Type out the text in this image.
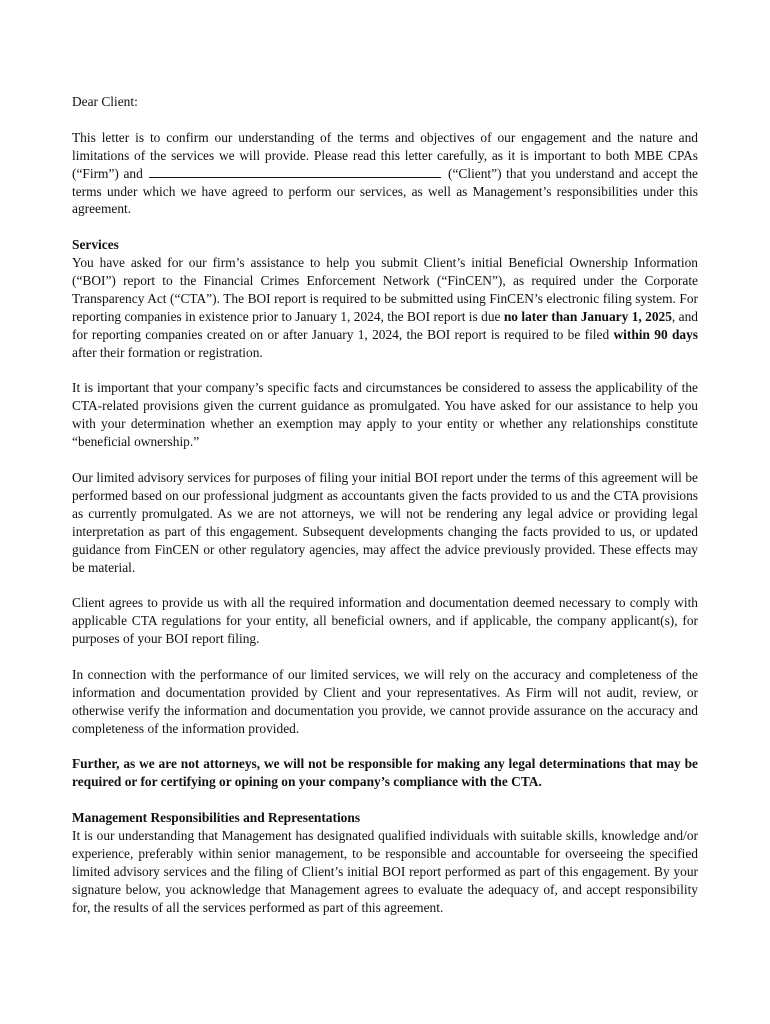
Dear Client:

This letter is to confirm our understanding of the terms and objectives of our engagement and the nature and limitations of the services we will provide. Please read this letter carefully, as it is important to both MBE CPAs (“Firm”) and	(“Client”) that you understand and accept the terms under which we have agreed to perform our services, as well as Management’s responsibilities under this agreement.

Services
You have asked for our firm’s assistance to help you submit Client’s initial Beneficial Ownership Information (“BOI”) report to the Financial Crimes Enforcement Network (“FinCEN”), as required under the Corporate Transparency Act (“CTA”). The BOI report is required to be submitted using FinCEN’s electronic filing system. For reporting companies in existence prior to January 1, 2024, the BOI report is due no later than January 1, 2025, and for reporting companies created on or after January 1, 2024, the BOI report is required to be filed within 90 days after their formation or registration.

It is important that your company’s specific facts and circumstances be considered to assess the applicability of the CTA-related provisions given the current guidance as promulgated. You have asked for our assistance to help you with your determination whether an exemption may apply to your entity or whether any relationships constitute “beneficial ownership.”

Our limited advisory services for purposes of filing your initial BOI report under the terms of this agreement will be performed based on our professional judgment as accountants given the facts provided to us and the CTA provisions as currently promulgated. As we are not attorneys, we will not be rendering any legal advice or providing legal interpretation as part of this engagement. Subsequent developments changing the facts provided to us, or updated guidance from FinCEN or other regulatory agencies, may affect the advice previously provided. These effects may be material.

Client agrees to provide us with all the required information and documentation deemed necessary to comply with applicable CTA regulations for your entity, all beneficial owners, and if applicable, the company applicant(s), for purposes of your BOI report filing.

In connection with the performance of our limited services, we will rely on the accuracy and completeness of the information and documentation provided by Client and your representatives. As Firm will not audit, review, or otherwise verify the information and documentation you provide, we cannot provide assurance on the accuracy and completeness of the information provided.

Further, as we are not attorneys, we will not be responsible for making any legal determinations that may be required or for certifying or opining on your company’s compliance with the CTA.

Management Responsibilities and Representations
It is our understanding that Management has designated qualified individuals with suitable skills, knowledge and/or experience, preferably within senior management, to be responsible and accountable for overseeing the specified limited advisory services and the filing of Client’s initial BOI report performed as part of this engagement. By your signature below, you acknowledge that Management agrees to evaluate the adequacy of, and accept responsibility for, the results of all the services performed as part of this agreement.
